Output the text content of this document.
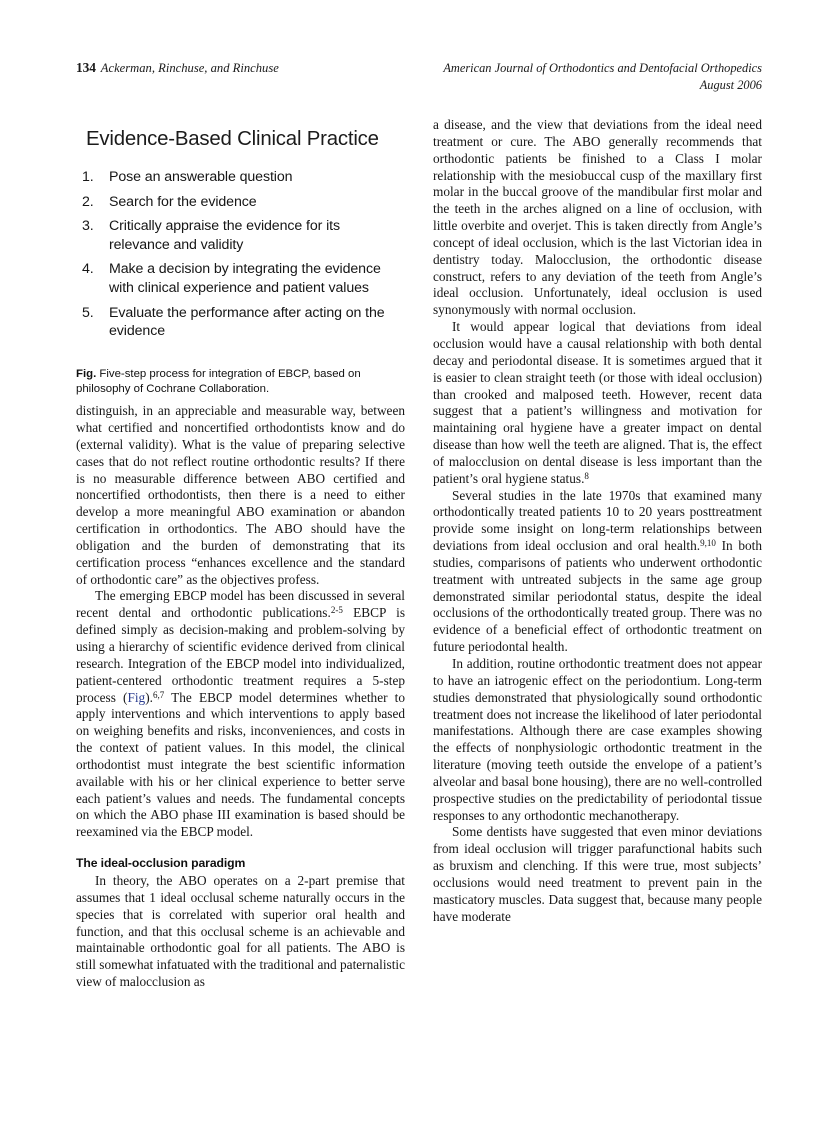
134 Ackerman, Rinchuse, and Rinchuse	American Journal of Orthodontics and Dentofacial Orthopedics
August 2006
Evidence-Based Clinical Practice
1.	Pose an answerable question
2.	Search for the evidence
3.	Critically appraise the evidence for its relevance and validity
4.	Make a decision by integrating the evidence with clinical experience and patient values
5.	Evaluate the performance after acting on the evidence
Fig. Five-step process for integration of EBCP, based on philosophy of Cochrane Collaboration.

distinguish, in an appreciable and measurable way, between what certified and noncertified orthodontists know and do (external validity). What is the value of preparing selective cases that do not reflect routine orthodontic results? If there is no measurable difference between ABO certified and noncertified orthodontists, then there is a need to either develop a more meaningful ABO examination or abandon certification in orthodontics. The ABO should have the obligation and the burden of demonstrating that its certification process “enhances excellence and the standard of orthodontic care” as the objectives profess.

The emerging EBCP model has been discussed in several recent dental and orthodontic publications.$^{2-5}$ EBCP is defined simply as decision-making and problem-solving by using a hierarchy of scientific evidence derived from clinical research. Integration of the EBCP model into individualized, patient-centered orthodontic treatment requires a 5-step process (Fig).$^{6,7}$ The EBCP model determines whether to apply interventions and which interventions to apply based on weighing benefits and risks, inconveniences, and costs in the context of patient values. In this model, the clinical orthodontist must integrate the best scientific information available with his or her clinical experience to better serve each patient’s values and needs. The fundamental concepts on which the ABO phase III examination is based should be reexamined via the EBCP model.

The ideal-occlusion paradigm

In theory, the ABO operates on a 2-part premise that assumes that 1 ideal occlusal scheme naturally occurs in the species that is correlated with superior oral health and function, and that this occlusal scheme is an achievable and maintainable orthodontic goal for all patients. The ABO is still somewhat infatuated with the traditional and paternalistic view of malocclusion as

a disease, and the view that deviations from the ideal need treatment or cure. The ABO generally recommends that orthodontic patients be finished to a Class I molar relationship with the mesiobuccal cusp of the maxillary first molar in the buccal groove of the mandibular first molar and the teeth in the arches aligned on a line of occlusion, with little overbite and overjet. This is taken directly from Angle’s concept of ideal occlusion, which is the last Victorian idea in dentistry today. Malocclusion, the orthodontic disease construct, refers to any deviation of the teeth from Angle’s ideal occlusion. Unfortunately, ideal occlusion is used synonymously with normal occlusion.

It would appear logical that deviations from ideal occlusion would have a causal relationship with both dental decay and periodontal disease. It is sometimes argued that it is easier to clean straight teeth (or those with ideal occlusion) than crooked and malposed teeth. However, recent data suggest that a patient’s willingness and motivation for maintaining oral hygiene have a greater impact on dental disease than how well the teeth are aligned. That is, the effect of malocclusion on dental disease is less important than the patient’s oral hygiene status.$^8$

Several studies in the late 1970s that examined many orthodontically treated patients 10 to 20 years posttreatment provide some insight on long-term relationships between deviations from ideal occlusion and oral health.$^{9,10}$ In both studies, comparisons of patients who underwent orthodontic treatment with untreated subjects in the same age group demonstrated similar periodontal status, despite the ideal occlusions of the orthodontically treated group. There was no evidence of a beneficial effect of orthodontic treatment on future periodontal health.

In addition, routine orthodontic treatment does not appear to have an iatrogenic effect on the periodontium. Long-term studies demonstrated that physiologically sound orthodontic treatment does not increase the likelihood of later periodontal manifestations. Although there are case examples showing the effects of nonphysiologic orthodontic treatment in the literature (moving teeth outside the envelope of a patient’s alveolar and basal bone housing), there are no well-controlled prospective studies on the predictability of periodontal tissue responses to any orthodontic mechanotherapy.

Some dentists have suggested that even minor deviations from ideal occlusion will trigger parafunctional habits such as bruxism and clenching. If this were true, most subjects’ occlusions would need treatment to prevent pain in the masticatory muscles. Data suggest that, because many people have moderate
